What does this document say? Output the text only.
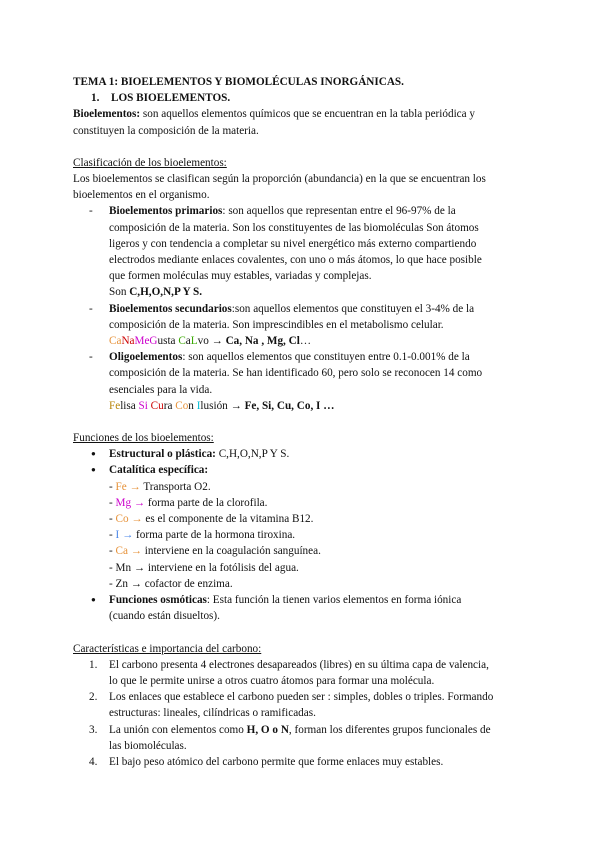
TEMA 1: BIOELEMENTOS Y BIOMOLÉCULAS INORGÁNICAS.
1. LOS BIOELEMENTOS.
Bioelementos: son aquellos elementos químicos que se encuentran en la tabla periódica y
constituyen la composición de la materia.
Clasificación de los bioelementos:
Los bioelementos se clasifican según la proporción (abundancia) en la que se encuentran los
bioelementos en el organismo.
- Bioelementos primarios: son aquellos que representan entre el 96-97% de la
composición de la materia. Son los constituyentes de las biomoléculas Son átomos
ligeros y con tendencia a completar su nivel energético más externo compartiendo
electrodos mediante enlaces covalentes, con uno o más átomos, lo que hace posible
que formen moléculas muy estables, variadas y complejas.
Son C,H,O,N,P Y S.
- Bioelementos secundarios:son aquellos elementos que constituyen el 3-4% de la
composición de la materia. Son imprescindibles en el metabolismo celular.
CaNaMeGusta CaLvo → Ca, Na , Mg, Cl…
- Oligoelementos: son aquellos elementos que constituyen entre 0.1-0.001% de la
composición de la materia. Se han identificado 60, pero solo se reconocen 14 como
esenciales para la vida.
Felisa Si Cura Con Ilusión → Fe, Si, Cu, Co, I …
Funciones de los bioelementos:
● Estructural o plástica: C,H,O,N,P Y S.
● Catalítica específica:
- Fe → Transporta O2.
- Mg → forma parte de la clorofila.
- Co → es el componente de la vitamina B12.
- I → forma parte de la hormona tiroxina.
- Ca → interviene en la coagulación sanguínea.
- Mn → interviene en la fotólisis del agua.
- Zn → cofactor de enzima.
● Funciones osmóticas: Esta función la tienen varios elementos en forma iónica
(cuando están disueltos).
Características e importancia del carbono:
1. El carbono presenta 4 electrones desapareados (libres) en su última capa de valencia,
lo que le permite unirse a otros cuatro átomos para formar una molécula.
2. Los enlaces que establece el carbono pueden ser : simples, dobles o triples. Formando
estructuras: lineales, cilíndricas o ramificadas.
3. La unión con elementos como H, O o N, forman los diferentes grupos funcionales de
las biomoléculas.
4. El bajo peso atómico del carbono permite que forme enlaces muy estables.
